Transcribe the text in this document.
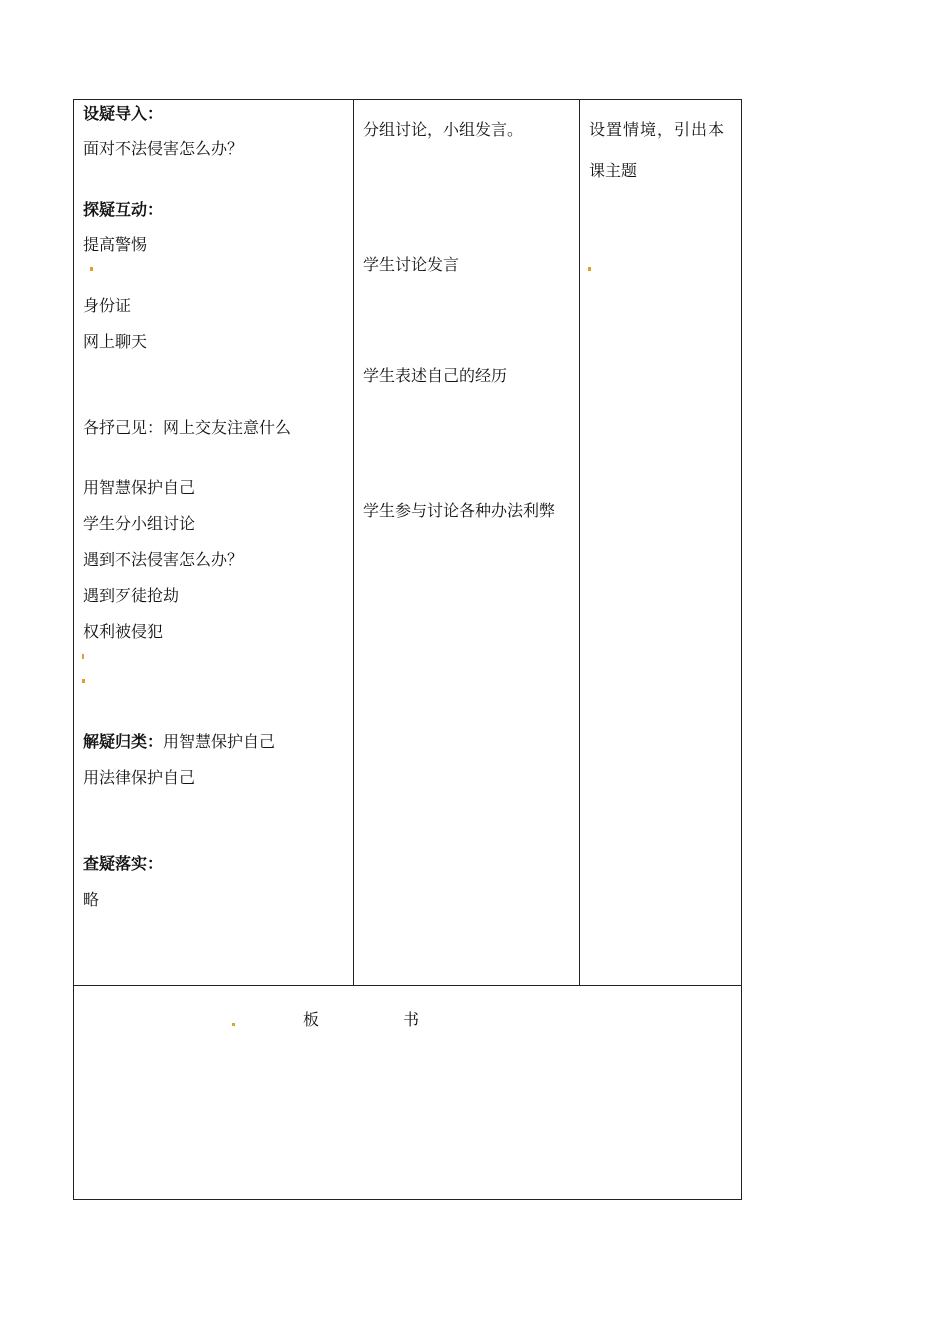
设疑导入：
面对不法侵害怎么办？
探疑互动：
提高警惕
身份证
网上聊天
各抒己见：网上交友注意什么
用智慧保护自己
学生分小组讨论
遇到不法侵害怎么办？
遇到歹徒抢劫
权利被侵犯
解疑归类：用智慧保护自己
用法律保护自己
查疑落实：
略
分组讨论，小组发言。
学生讨论发言
学生表述自己的经历
学生参与讨论各种办法利弊
设置情境，引出本
课主题
板	书
